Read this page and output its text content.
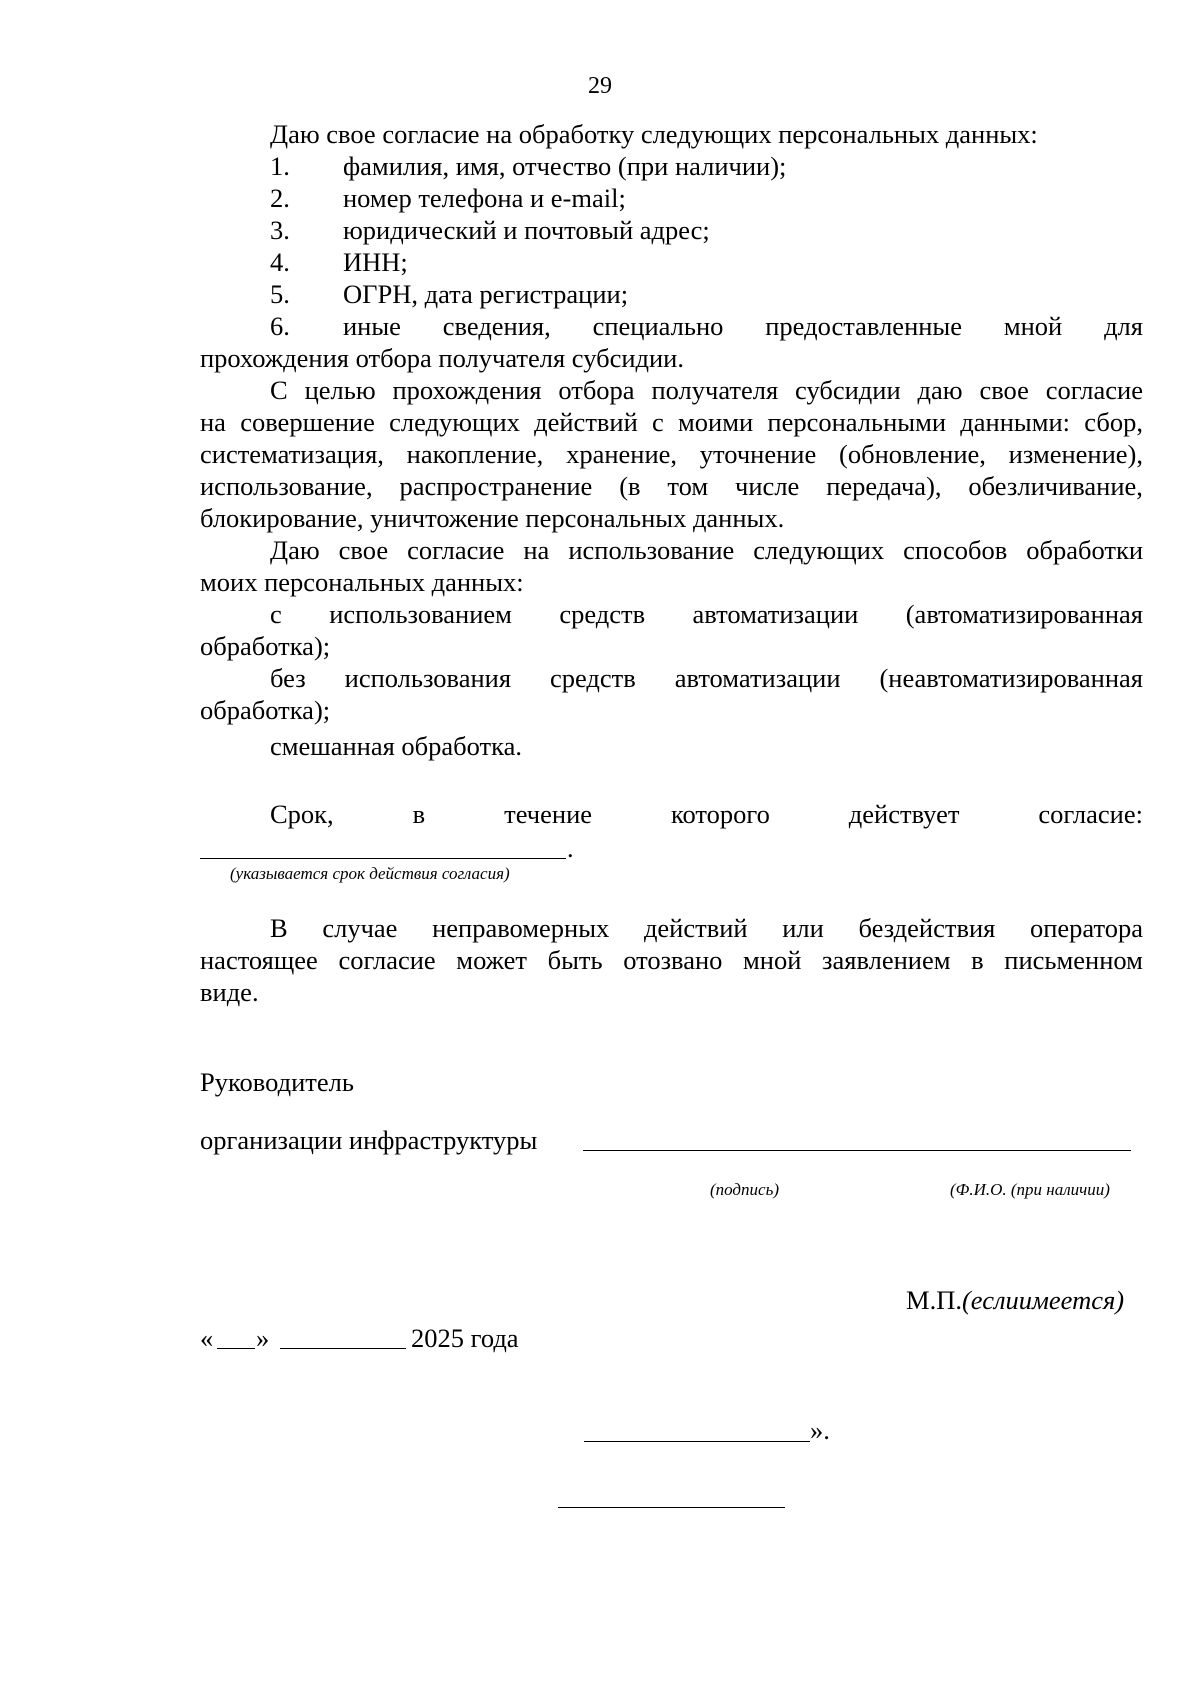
29
Даю свое согласие на обработку следующих персональных данных:
1. фамилия, имя, отчество (при наличии);
2. номер телефона и e-mail;
3. юридический и почтовый адрес;
4. ИНН;
5. ОГРН, дата регистрации;
6. иные сведения, специально предоставленные мной для
прохождения отбора получателя субсидии.
С целью прохождения отбора получателя субсидии даю свое согласие
на совершение следующих действий с моими персональными данными: сбор,
систематизация, накопление, хранение, уточнение (обновление, изменение),
использование, распространение (в том числе передача), обезличивание,
блокирование, уничтожение персональных данных.
Даю свое согласие на использование следующих способов обработки
моих персональных данных:
с использованием средств автоматизации (автоматизированная
обработка);
без использования средств автоматизации (неавтоматизированная
обработка);
смешанная обработка.
Срок,	в	течение	которого	действует	согласие:
.
(указывается срок действия согласия)
В случае неправомерных действий или бездействия оператора
настоящее согласие может быть отозвано мной заявлением в письменном
виде.
Руководитель
организации инфраструктуры
(подпись)	(Ф.И.О. (при наличии)
М.П.(еслиимеется)
« »	2025 года
».
